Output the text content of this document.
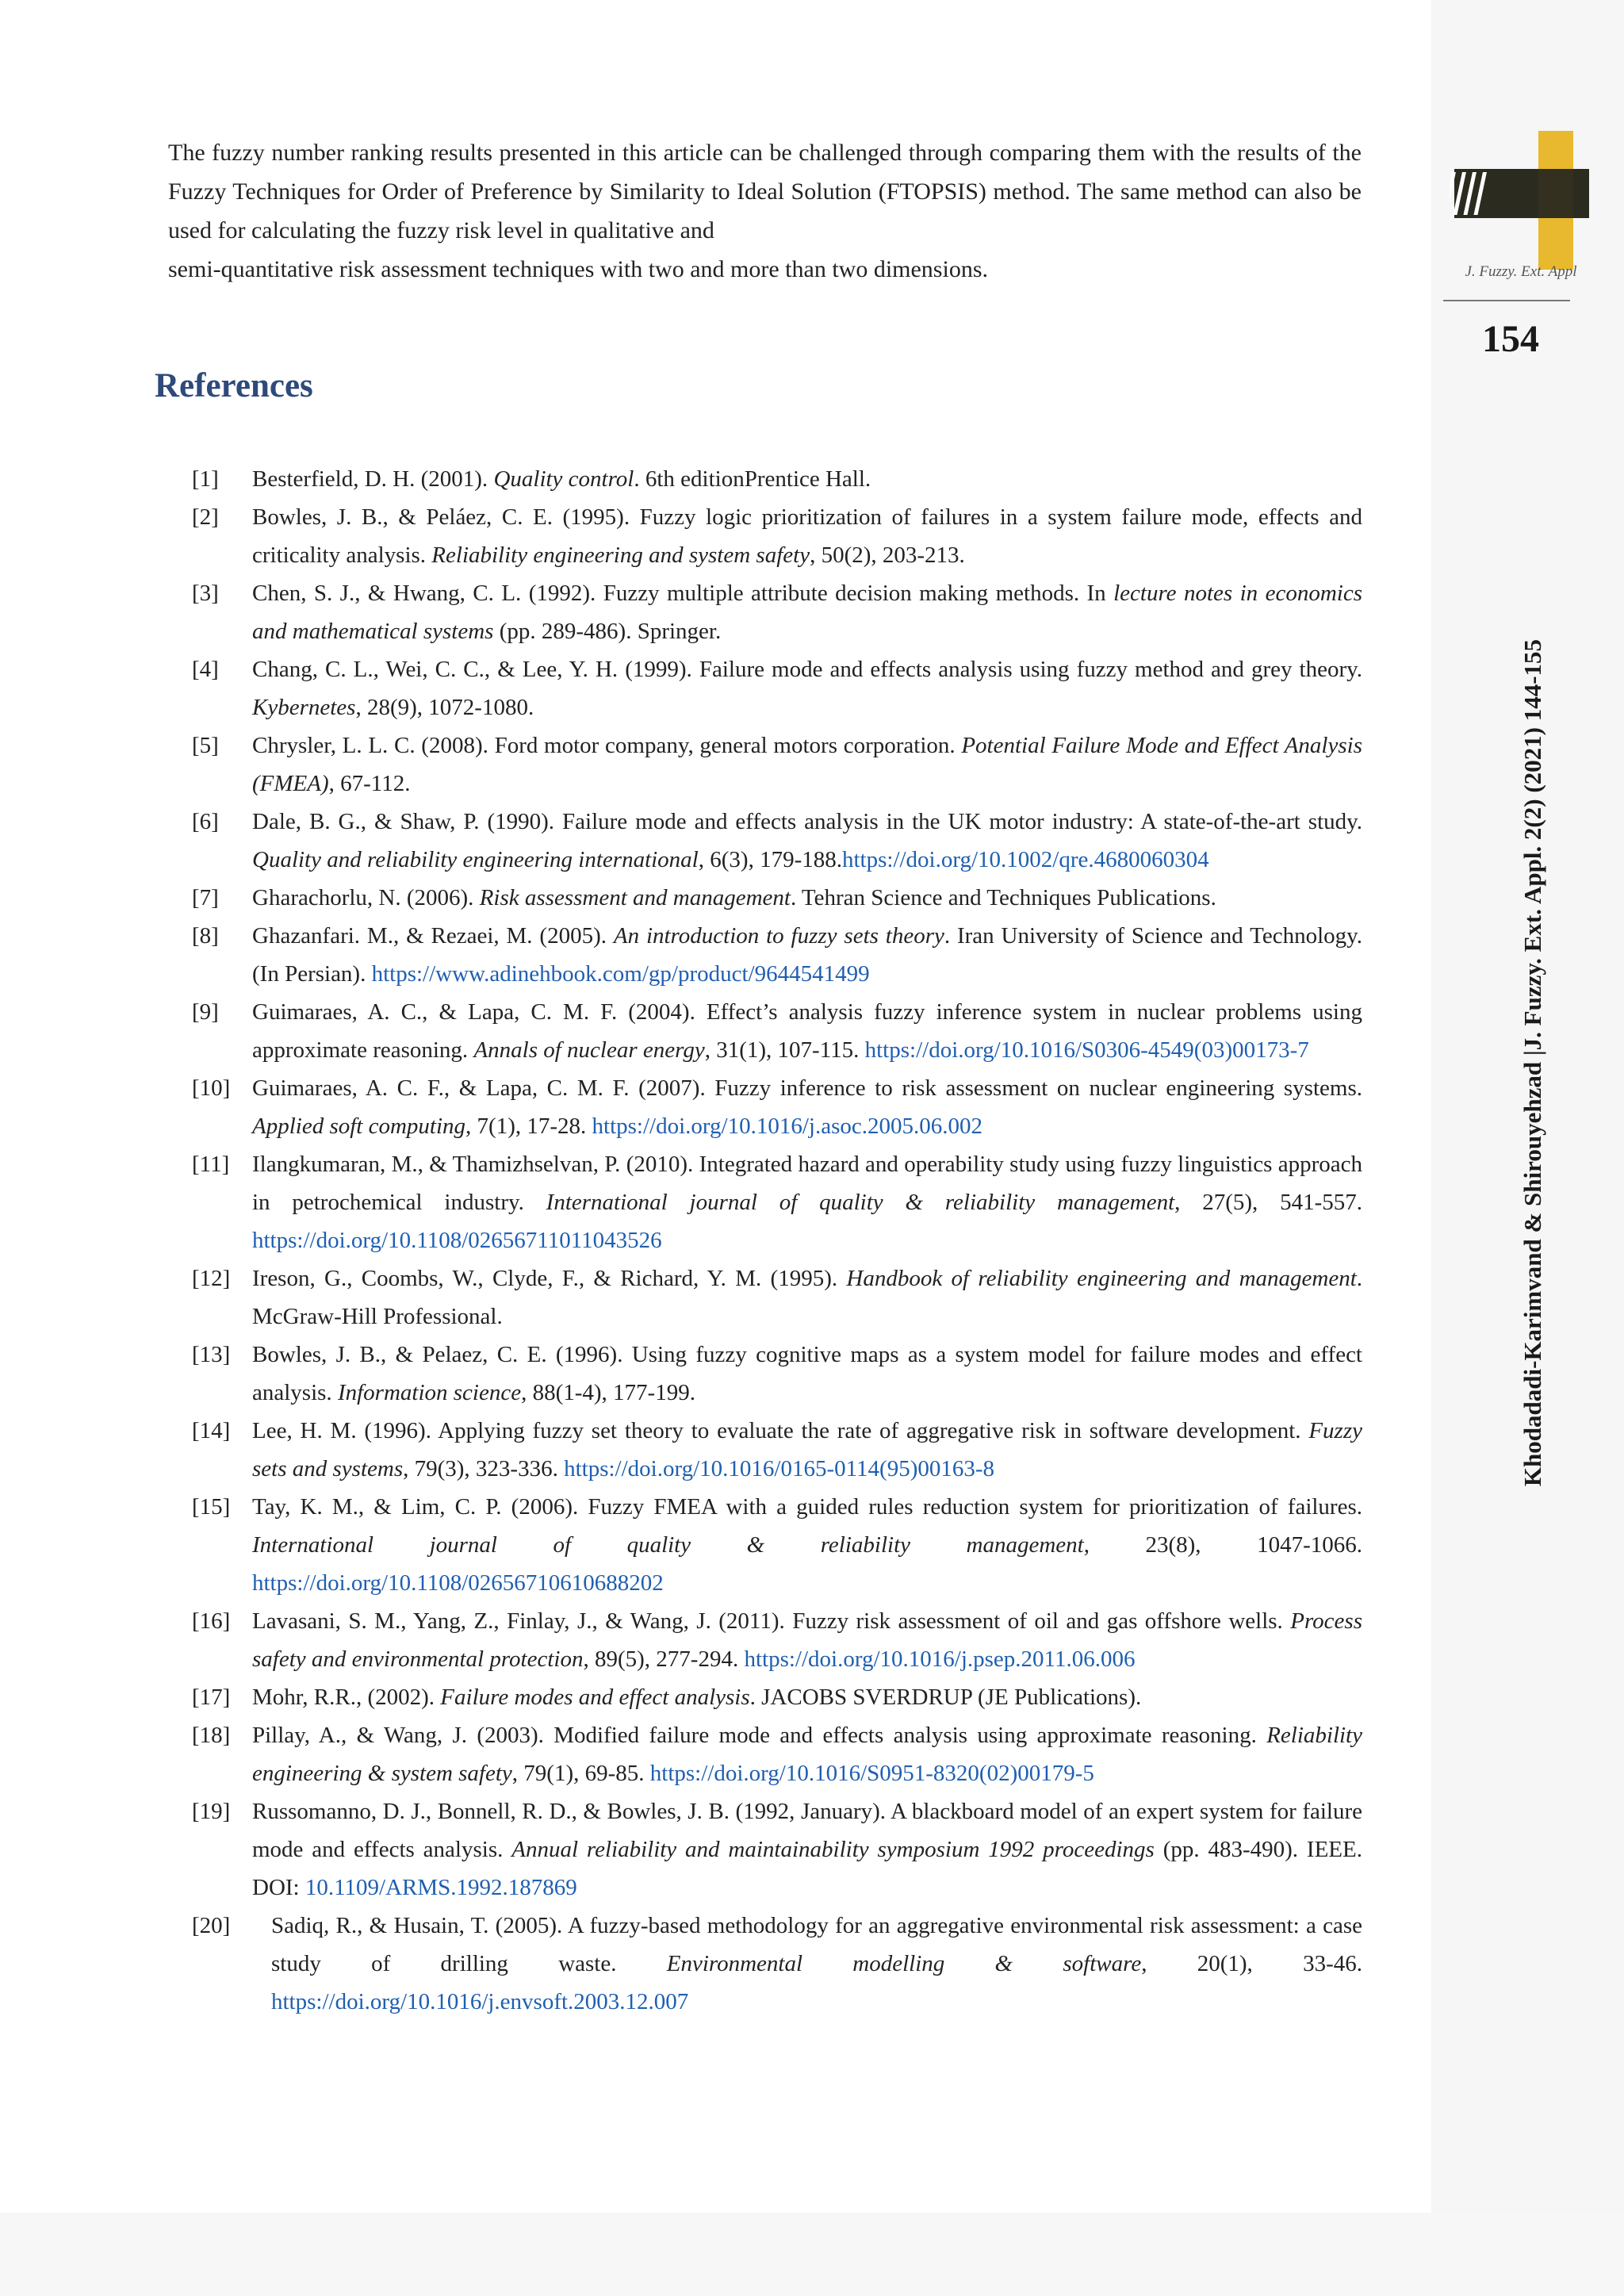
J. Fuzzy. Ext. Appl
154
Khodadadi-Karimvand & Shirouyehzad |J. Fuzzy. Ext. Appl. 2(2) (2021) 144-155

The fuzzy number ranking results presented in this article can be challenged through comparing them with the results of the Fuzzy Techniques for Order of Preference by Similarity to Ideal Solution (FTOPSIS) method. The same method can also be used for calculating the fuzzy risk level in qualitative and

semi-quantitative risk assessment techniques with two and more than two dimensions.

References
[1] Besterfield, D. H. (2001). Quality control. 6th editionPrentice Hall.
[2] Bowles, J. B., & Peláez, C. E. (1995). Fuzzy logic prioritization of failures in a system failure mode, effects and criticality analysis. Reliability engineering and system safety, 50(2), 203-213.
[3] Chen, S. J., & Hwang, C. L. (1992). Fuzzy multiple attribute decision making methods. In lecture notes in economics and mathematical systems (pp. 289-486). Springer.
[4] Chang, C. L., Wei, C. C., & Lee, Y. H. (1999). Failure mode and effects analysis using fuzzy method and grey theory. Kybernetes, 28(9), 1072-1080.
[5] Chrysler, L. L. C. (2008). Ford motor company, general motors corporation. Potential Failure Mode and Effect Analysis (FMEA), 67-112.
[6] Dale, B. G., & Shaw, P. (1990). Failure mode and effects analysis in the UK motor industry: A state-of-the-art study. Quality and reliability engineering international, 6(3), 179-188.https://doi.org/10.1002/qre.4680060304
[7] Gharachorlu, N. (2006). Risk assessment and management. Tehran Science and Techniques Publications.
[8] Ghazanfari. M., & Rezaei, M. (2005). An introduction to fuzzy sets theory. Iran University of Science and Technology. (In Persian). https://www.adinehbook.com/gp/product/9644541499
[9] Guimaraes, A. C., & Lapa, C. M. F. (2004). Effect’s analysis fuzzy inference system in nuclear problems using approximate reasoning. Annals of nuclear energy, 31(1), 107-115. https://doi.org/10.1016/S0306-4549(03)00173-7
[10] Guimaraes, A. C. F., & Lapa, C. M. F. (2007). Fuzzy inference to risk assessment on nuclear engineering systems. Applied soft computing, 7(1), 17-28. https://doi.org/10.1016/j.asoc.2005.06.002
[11] Ilangkumaran, M., & Thamizhselvan, P. (2010). Integrated hazard and operability study using fuzzy linguistics approach in petrochemical industry. International journal of quality & reliability management, 27(5), 541-557. https://doi.org/10.1108/02656711011043526
[12] Ireson, G., Coombs, W., Clyde, F., & Richard, Y. M. (1995). Handbook of reliability engineering and management. McGraw-Hill Professional.
[13] Bowles, J. B., & Pelaez, C. E. (1996). Using fuzzy cognitive maps as a system model for failure modes and effect analysis. Information science, 88(1-4), 177-199.
[14] Lee, H. M. (1996). Applying fuzzy set theory to evaluate the rate of aggregative risk in software development. Fuzzy sets and systems, 79(3), 323-336. https://doi.org/10.1016/0165-0114(95)00163-8
[15] Tay, K. M., & Lim, C. P. (2006). Fuzzy FMEA with a guided rules reduction system for prioritization of failures. International journal of quality & reliability management, 23(8), 1047-1066. https://doi.org/10.1108/02656710610688202
[16] Lavasani, S. M., Yang, Z., Finlay, J., & Wang, J. (2011). Fuzzy risk assessment of oil and gas offshore wells. Process safety and environmental protection, 89(5), 277-294. https://doi.org/10.1016/j.psep.2011.06.006
[17] Mohr, R.R., (2002). Failure modes and effect analysis. JACOBS SVERDRUP (JE Publications).
[18] Pillay, A., & Wang, J. (2003). Modified failure mode and effects analysis using approximate reasoning. Reliability engineering & system safety, 79(1), 69-85. https://doi.org/10.1016/S0951-8320(02)00179-5
[19] Russomanno, D. J., Bonnell, R. D., & Bowles, J. B. (1992, January). A blackboard model of an expert system for failure mode and effects analysis. Annual reliability and maintainability symposium 1992 proceedings (pp. 483-490). IEEE. DOI: 10.1109/ARMS.1992.187869
[20] Sadiq, R., & Husain, T. (2005). A fuzzy-based methodology for an aggregative environmental risk assessment: a case study of drilling waste. Environmental modelling & software, 20(1), 33-46. https://doi.org/10.1016/j.envsoft.2003.12.007
